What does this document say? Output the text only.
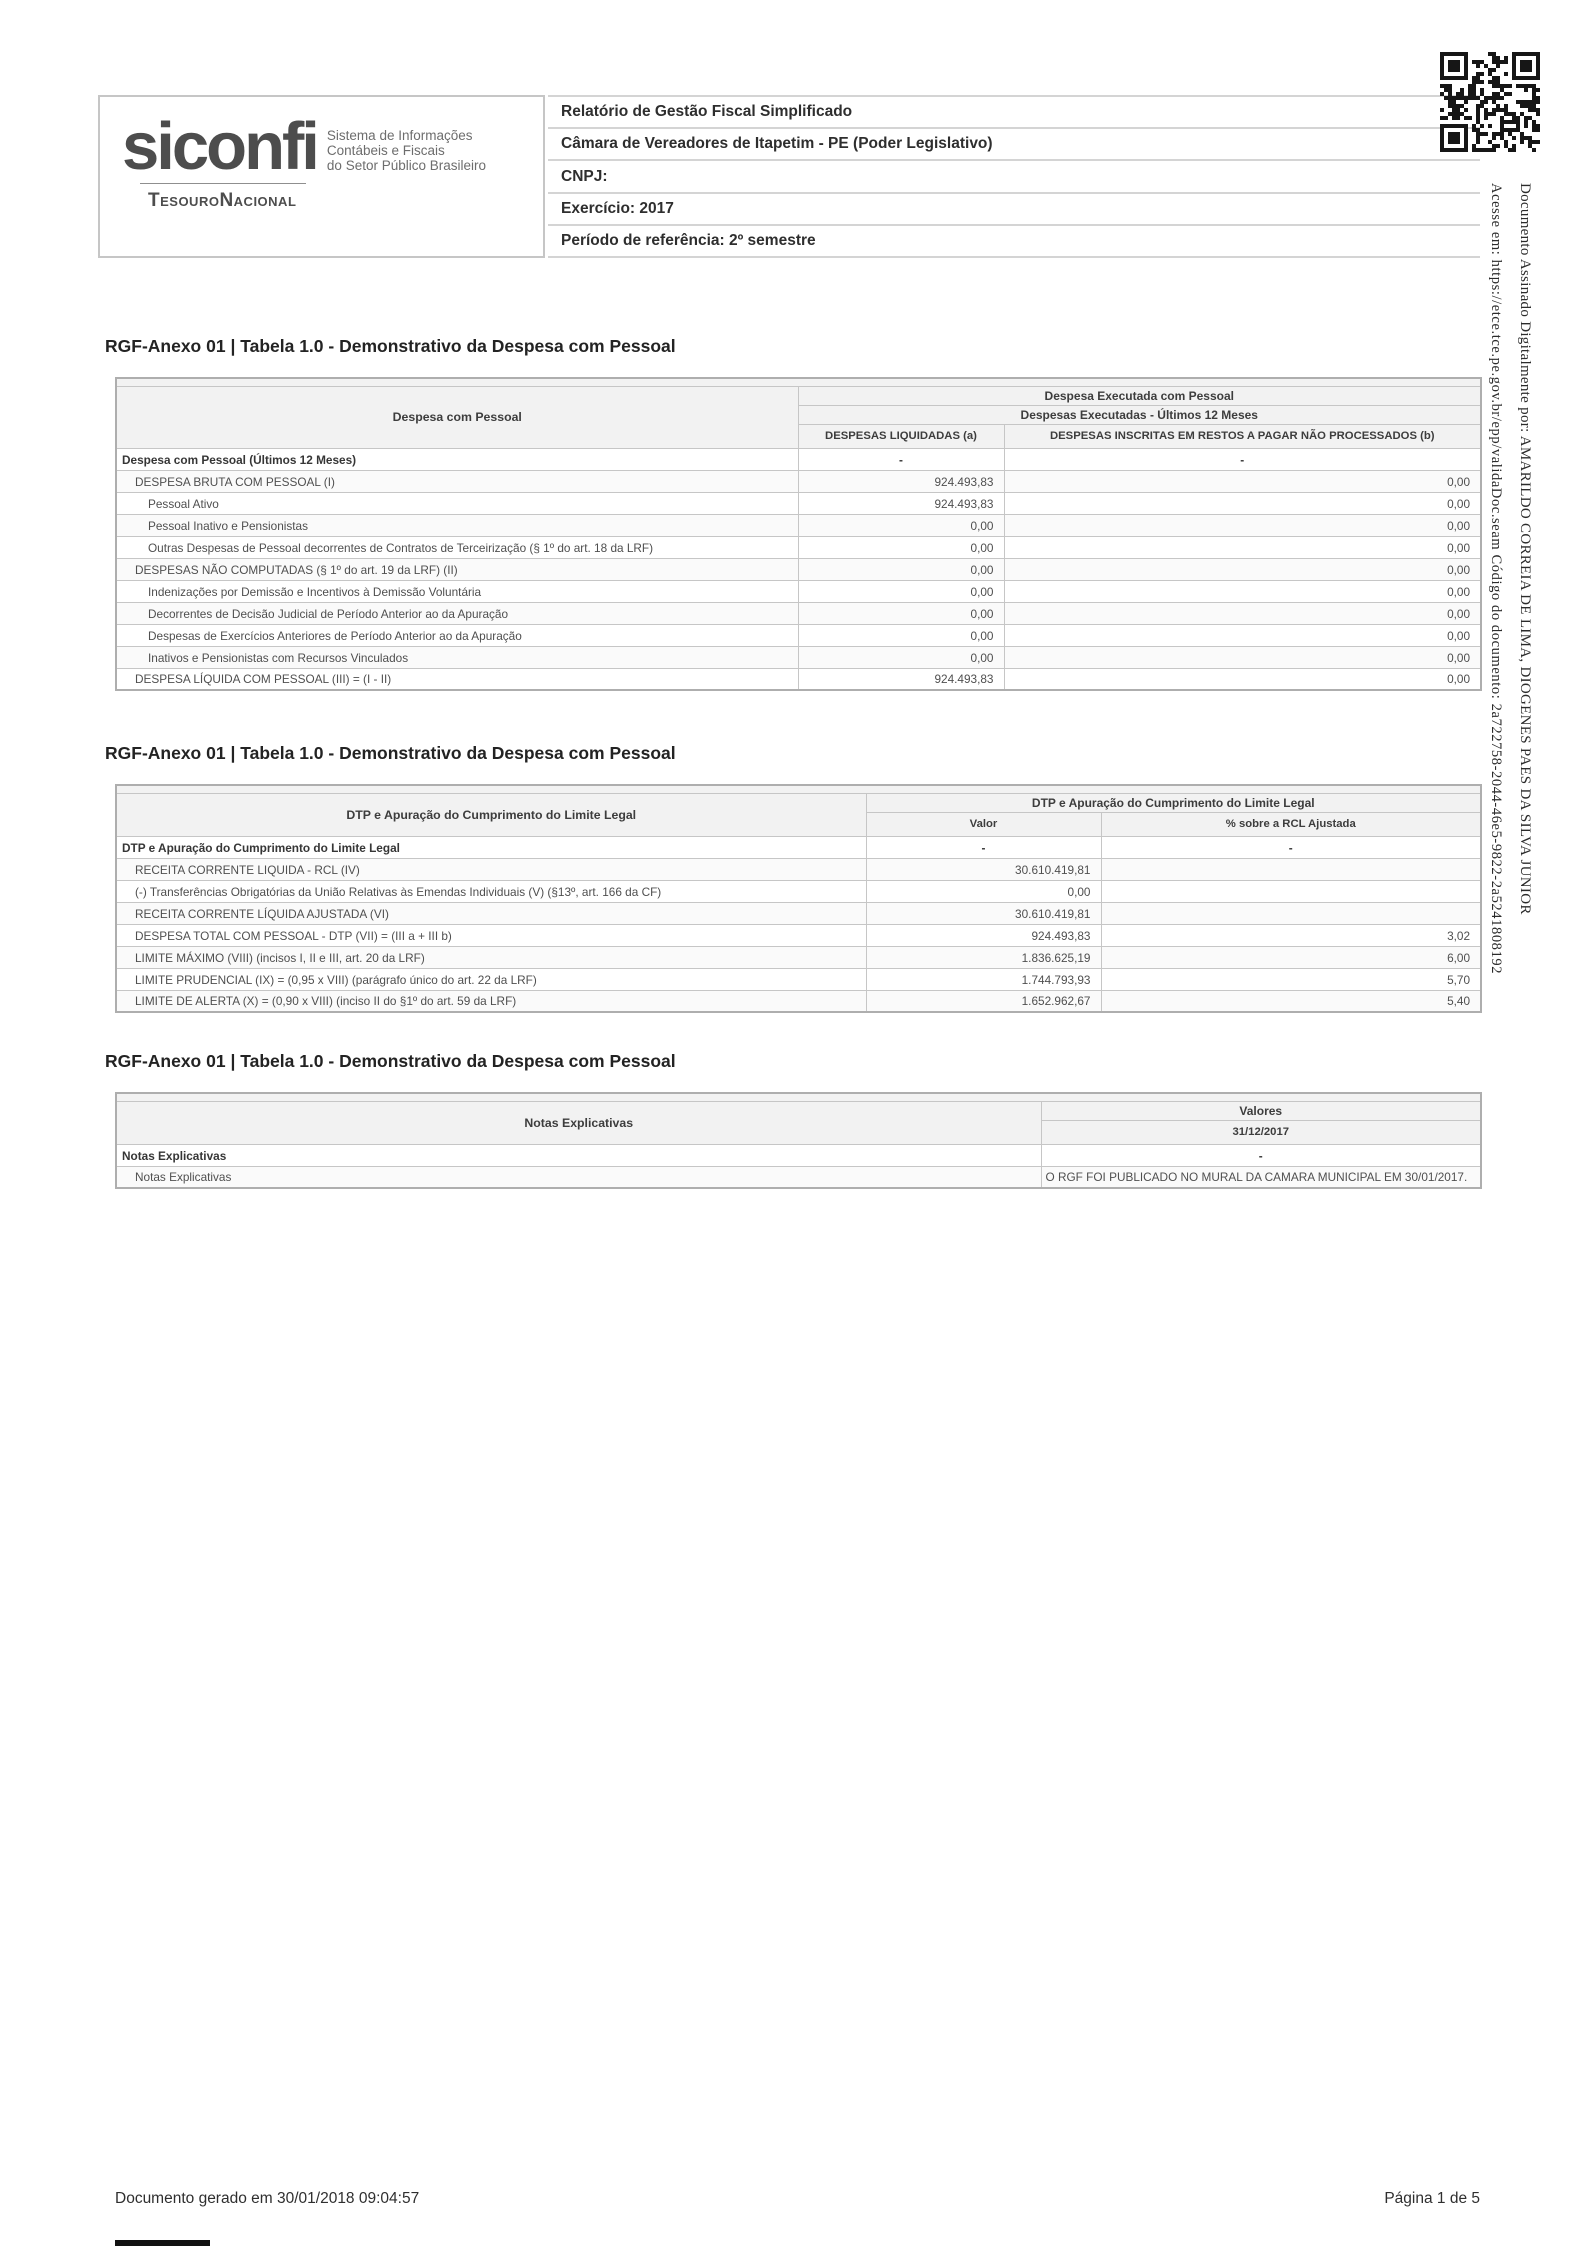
siconfi Sistema de Informações
Contábeis e Fiscais
do Setor Público Brasileiro
TesouroNacional
Relatório de Gestão Fiscal Simplificado
Câmara de Vereadores de Itapetim - PE (Poder Legislativo)
CNPJ:
Exercício: 2017
Período de referência: 2º semestre	Documento Assinado Digitalmente por: AMARILDO CORREIA DE LIMA, DIOGENES PAES DA SILVA JUNIOR
Acesse em: https://etce.tce.pe.gov.br/epp/validaDoc.seam Código do documento: 2a722758-2044-46e5-9822-2a5241808192
RGF-Anexo 01 | Tabela 1.0 - Demonstrativo da Despesa com Pessoal

Despesa com Pessoal	Despesa Executada com Pessoal	
	Despesas Executadas - Últimos 12 Meses	
	DESPESAS LIQUIDADAS (a)	DESPESAS INSCRITAS EM RESTOS A PAGAR NÃO PROCESSADOS (b)
Despesa com Pessoal (Últimos 12 Meses)	-	-
DESPESA BRUTA COM PESSOAL (I)	924.493,83	0,00
Pessoal Ativo	924.493,83	0,00
Pessoal Inativo e Pensionistas	0,00	0,00
Outras Despesas de Pessoal decorrentes de Contratos de Terceirização (§ 1º do art. 18 da LRF)	0,00	0,00
DESPESAS NÃO COMPUTADAS (§ 1º do art. 19 da LRF) (II)	0,00	0,00
Indenizações por Demissão e Incentivos à Demissão Voluntária	0,00	0,00
Decorrentes de Decisão Judicial de Período Anterior ao da Apuração	0,00	0,00
Despesas de Exercícios Anteriores de Período Anterior ao da Apuração	0,00	0,00
Inativos e Pensionistas com Recursos Vinculados	0,00	0,00
DESPESA LÍQUIDA COM PESSOAL (III) = (I - II)	924.493,83	0,00
RGF-Anexo 01 | Tabela 1.0 - Demonstrativo da Despesa com Pessoal

DTP e Apuração do Cumprimento do Limite Legal	DTP e Apuração do Cumprimento do Limite Legal	
	Valor	% sobre a RCL Ajustada
DTP e Apuração do Cumprimento do Limite Legal	-	-
RECEITA CORRENTE LIQUIDA - RCL (IV)	30.610.419,81	
(-) Transferências Obrigatórias da União Relativas às Emendas Individuais (V) (§13º, art. 166 da CF)	0,00	
RECEITA CORRENTE LÍQUIDA AJUSTADA (VI)	30.610.419,81	
DESPESA TOTAL COM PESSOAL - DTP (VII) = (III a + III b)	924.493,83	3,02
LIMITE MÁXIMO (VIII) (incisos I, II e III, art. 20 da LRF)	1.836.625,19	6,00
LIMITE PRUDENCIAL (IX) = (0,95 x VIII) (parágrafo único do art. 22 da LRF)	1.744.793,93	5,70
LIMITE DE ALERTA (X) = (0,90 x VIII) (inciso II do §1º do art. 59 da LRF)	1.652.962,67	5,40
RGF-Anexo 01 | Tabela 1.0 - Demonstrativo da Despesa com Pessoal

Notas Explicativas	Valores
	31/12/2017
Notas Explicativas	-
Notas Explicativas	O RGF FOI PUBLICADO NO MURAL DA CAMARA MUNICIPAL EM 30/01/2017.
Documento gerado em 30/01/2018 09:04:57	Página 1 de 5
